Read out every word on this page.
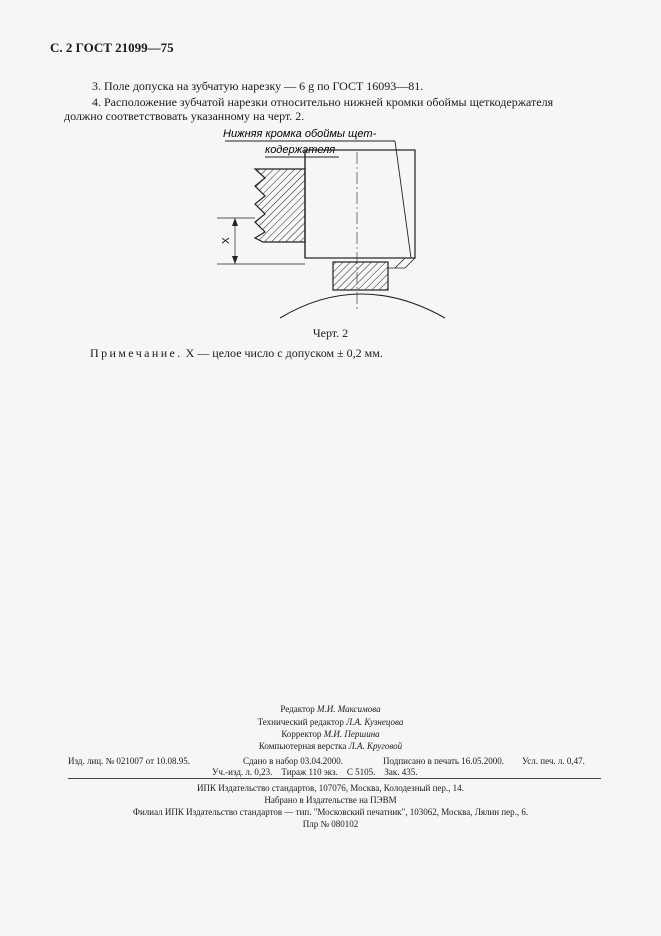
С. 2 ГОСТ 21099—75
3. Поле допуска на зубчатую нарезку — 6 g по ГОСТ 16093—81.
4. Расположение зубчатой нарезки относительно нижней кромки обоймы щеткодержателя
должно соответствовать указанному на черт. 2.
Нижняя кромка обоймы щет-
кодержателя
X
Черт. 2
Примечание. X — целое число с допуском ± 0,2 мм.
Редактор М.И. Максимова
Технический редактор Л.А. Кузнецова
Корректор М.И. Першина
Компьютерная верстка Л.А. Круговой
Изд. лиц. № 021007 от 10.08.95.	Сдано в набор 03.04.2000.	Подписано в печать 16.05.2000. Усл. печ. л. 0,47.
Уч.-изд. л. 0,23.    Тираж 110 экз.    С 5105.    Зак. 435.
ИПК Издательство стандартов, 107076, Москва, Колодезный пер., 14.
Набрано в Издательстве на ПЭВМ
Филиал ИПК Издательство стандартов — тип. "Московский печатник", 103062, Москва, Лялин пер., 6.
Плр № 080102
